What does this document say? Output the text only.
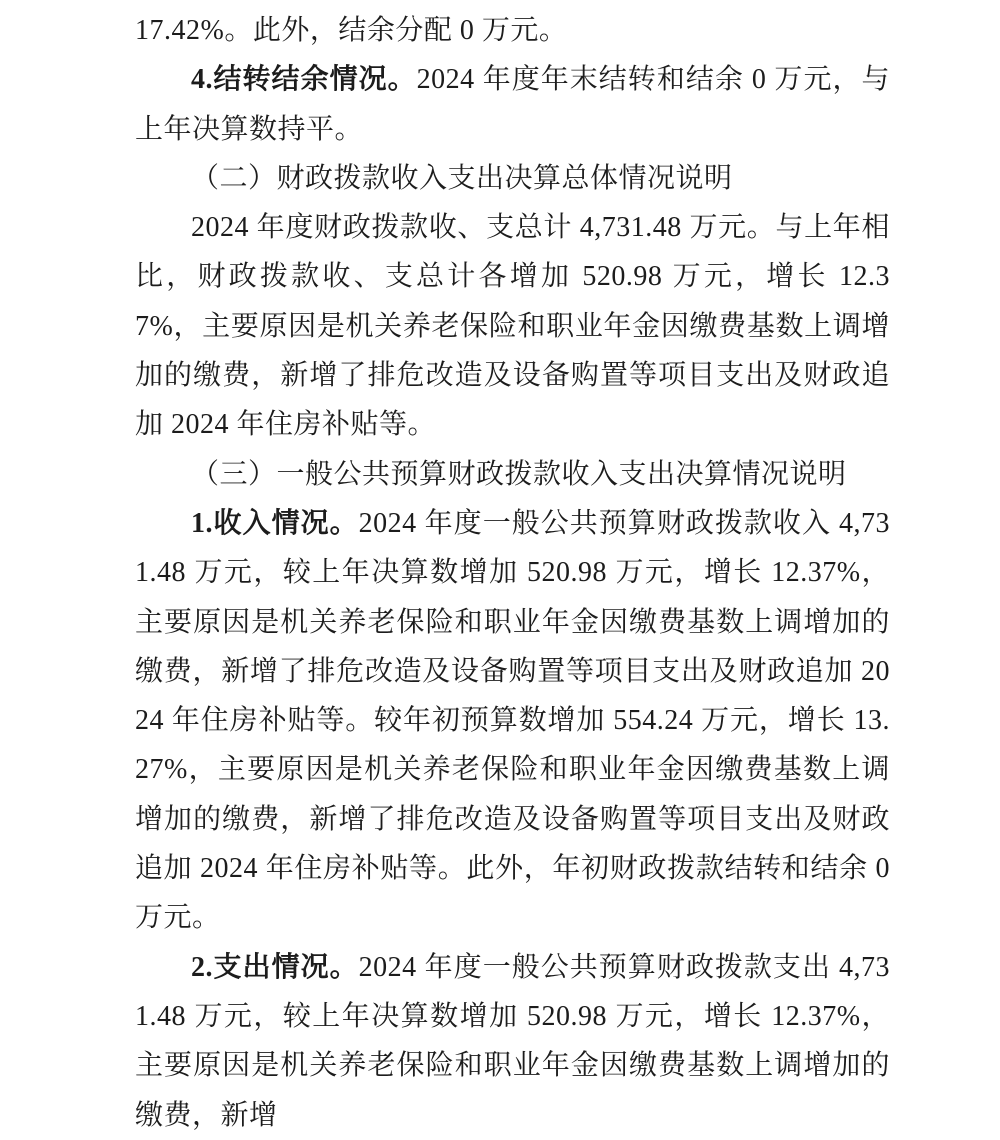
17.42%。此外，结余分配 0 万元。

4.结转结余情况。2024 年度年末结转和结余 0 万元，与上年决算数持平。

（二）财政拨款收入支出决算总体情况说明

2024 年度财政拨款收、支总计 4,731.48 万元。与上年相比，财政拨款收、支总计各增加 520.98 万元，增长 12.37%，主要原因是机关养老保险和职业年金因缴费基数上调增加的缴费，新增了排危改造及设备购置等项目支出及财政追加 2024 年住房补贴等。

（三）一般公共预算财政拨款收入支出决算情况说明

1.收入情况。2024 年度一般公共预算财政拨款收入 4,731.48 万元，较上年决算数增加 520.98 万元，增长 12.37%，主要原因是机关养老保险和职业年金因缴费基数上调增加的缴费，新增了排危改造及设备购置等项目支出及财政追加 2024 年住房补贴等。较年初预算数增加 554.24 万元，增长 13.27%，主要原因是机关养老保险和职业年金因缴费基数上调增加的缴费，新增了排危改造及设备购置等项目支出及财政追加 2024 年住房补贴等。此外，年初财政拨款结转和结余 0 万元。

2.支出情况。2024 年度一般公共预算财政拨款支出 4,731.48 万元，较上年决算数增加 520.98 万元，增长 12.37%，主要原因是机关养老保险和职业年金因缴费基数上调增加的缴费，新增
